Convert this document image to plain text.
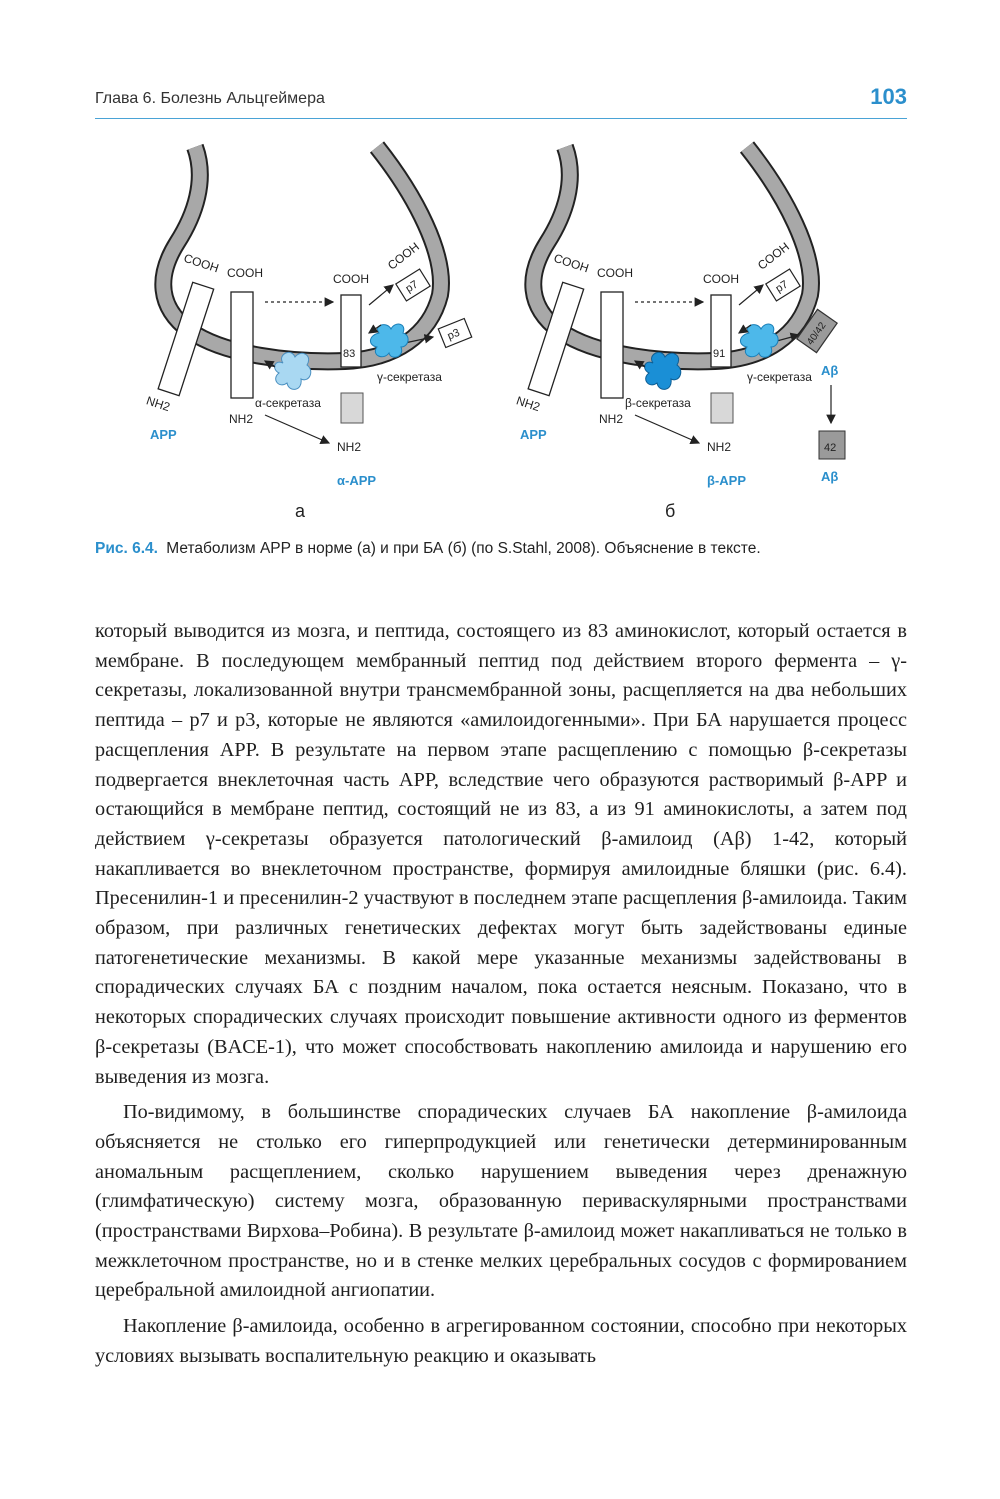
Глава 6. Болезнь Альцгеймера	103
COOH
NH2
COOH
NH2
83
COOH	p7
COOH
p3
γ-секретаза
α-секретаза
NH2
APP
α-APP
а
COOH
NH2
COOH
NH2
91
COOH	p7
COOH
40/42
Aβ
42
Aβ
γ-секретаза
β-секретаза
NH2
APP
β-APP
б
Рис. 6.4. Метаболизм APP в норме (а) и при БА (б) (по S.Stahl, 2008). Объяснение в тексте.

который выводится из мозга, и пептида, состоящего из 83 аминокислот, который остается в мембране. В последующем мембранный пептид под действием второго фермента – γ-секретазы, локализованной внутри трансмембранной зоны, расщепляется на два небольших пептида – р7 и р3, которые не являются «амилоидогенными». При БА нарушается процесс расщепления APP. В результате на первом этапе расщеплению с помощью β-секретазы подвергается внеклеточная часть APP, вследствие чего образуются растворимый β-APP и остающийся в мембране пептид, состоящий не из 83, а из 91 аминокислоты, а затем под действием γ-секретазы образуется патологический β-амилоид (Aβ) 1-42, который накапливается во внеклеточном пространстве, формируя амилоидные бляшки (рис. 6.4). Пресенилин-1 и пресенилин-2 участвуют в последнем этапе расщепления β-амилоида. Таким образом, при различных генетических дефектах могут быть задействованы единые патогенетические механизмы. В какой мере указанные механизмы задействованы в спорадических случаях БА с поздним началом, пока остается неясным. Показано, что в некоторых спорадических случаях происходит повышение активности одного из ферментов β-секретазы (BACE-1), что может способствовать накоплению амилоида и нарушению его выведения из мозга.

По-видимому, в большинстве спорадических случаев БА накопление β-амилоида объясняется не столько его гиперпродукцией или генетически детерминированным аномальным расщеплением, сколько нарушением выведения через дренажную (глимфатическую) систему мозга, образованную периваскулярными пространствами (пространствами Вирхова–Робина). В результате β-амилоид может накапливаться не только в межклеточном пространстве, но и в стенке мелких церебральных сосудов с формированием церебральной амилоидной ангиопатии.

Накопление β-амилоида, особенно в агрегированном состоянии, способно при некоторых условиях вызывать воспалительную реакцию и оказывать
